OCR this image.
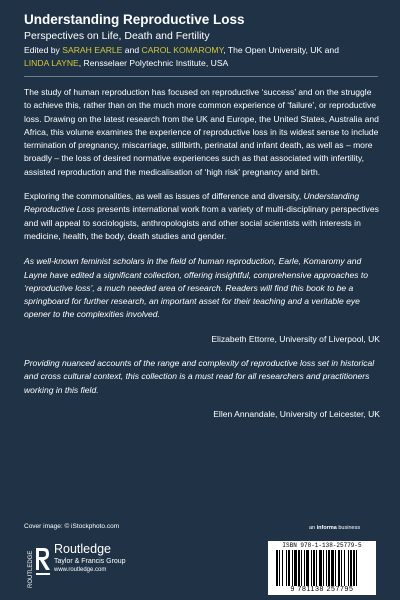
Understanding Reproductive Loss
Perspectives on Life, Death and Fertility
Edited by SARAH EARLE and CAROL KOMAROMY, The Open University, UK and
LINDA LAYNE, Rensselaer Polytechnic Institute, USA

The study of human reproduction has focused on reproductive ‘success’ and on the struggle to achieve this, rather than on the much more common experience of ‘failure’, or reproductive loss. Drawing on the latest research from the UK and Europe, the United States, Australia and Africa, this volume examines the experience of reproductive loss in its widest sense to include termination of pregnancy, miscarriage, stillbirth, perinatal and infant death, as well as – more broadly – the loss of desired normative experiences such as that associated with infertility, assisted reproduction and the medicalisation of ‘high risk’ pregnancy and birth.

Exploring the commonalities, as well as issues of difference and diversity, Understanding Reproductive Loss presents international work from a variety of multi-disciplinary perspectives and will appeal to sociologists, anthropologists and other social scientists with interests in medicine, health, the body, death studies and gender.

As well-known feminist scholars in the field of human reproduction, Earle, Komaromy and Layne have edited a significant collection, offering insightful, comprehensive approaches to ‘reproductive loss’, a much needed area of research. Readers will find this book to be a springboard for further research, an important asset for their teaching and a veritable eye opener to the complexities involved.

Elizabeth Ettorre, University of Liverpool, UK

Providing nuanced accounts of the range and complexity of reproductive loss set in historical and cross cultural context, this collection is a must read for all researchers and practitioners working in this field.

Ellen Annandale, University of Leicester, UK

Cover image: © iStockphoto.com	an informa business
ROUTLEDGE
Routledge
Taylor & Francis Group
www.routledge.com
ISBN 978-1-138-25779-5
9 781138 257795
